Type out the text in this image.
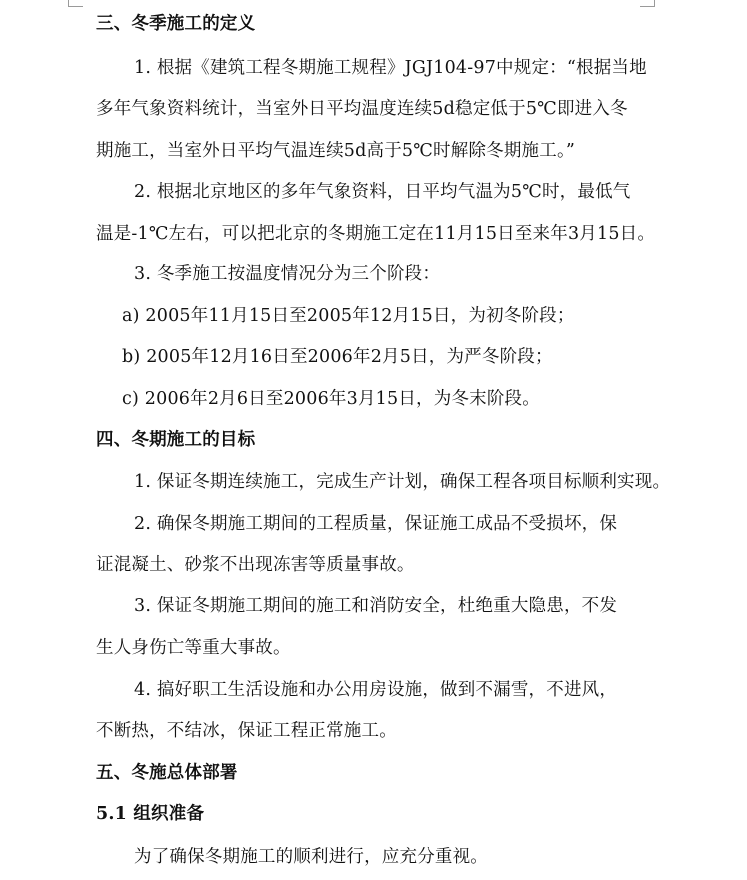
三、冬季施工的定义
1. 根据《建筑工程冬期施工规程》JGJ104-97中规定：“根据当地
多年气象资料统计，当室外日平均温度连续5d稳定低于5℃即进入冬
期施工，当室外日平均气温连续5d高于5℃时解除冬期施工。”
2. 根据北京地区的多年气象资料，日平均气温为5℃时，最低气
温是-1℃左右，可以把北京的冬期施工定在11月15日至来年3月15日。
3. 冬季施工按温度情况分为三个阶段：
a) 2005年11月15日至2005年12月15日，为初冬阶段；
b) 2005年12月16日至2006年2月5日，为严冬阶段；
c) 2006年2月6日至2006年3月15日，为冬末阶段。
四、冬期施工的目标
1. 保证冬期连续施工，完成生产计划，确保工程各项目标顺利实现。
2. 确保冬期施工期间的工程质量，保证施工成品不受损坏，保
证混凝土、砂浆不出现冻害等质量事故。
3. 保证冬期施工期间的施工和消防安全，杜绝重大隐患，不发
生人身伤亡等重大事故。
4. 搞好职工生活设施和办公用房设施，做到不漏雪，不进风，
不断热，不结冰，保证工程正常施工。
五、冬施总体部署
5.1 组织准备
为了确保冬期施工的顺利进行，应充分重视。
